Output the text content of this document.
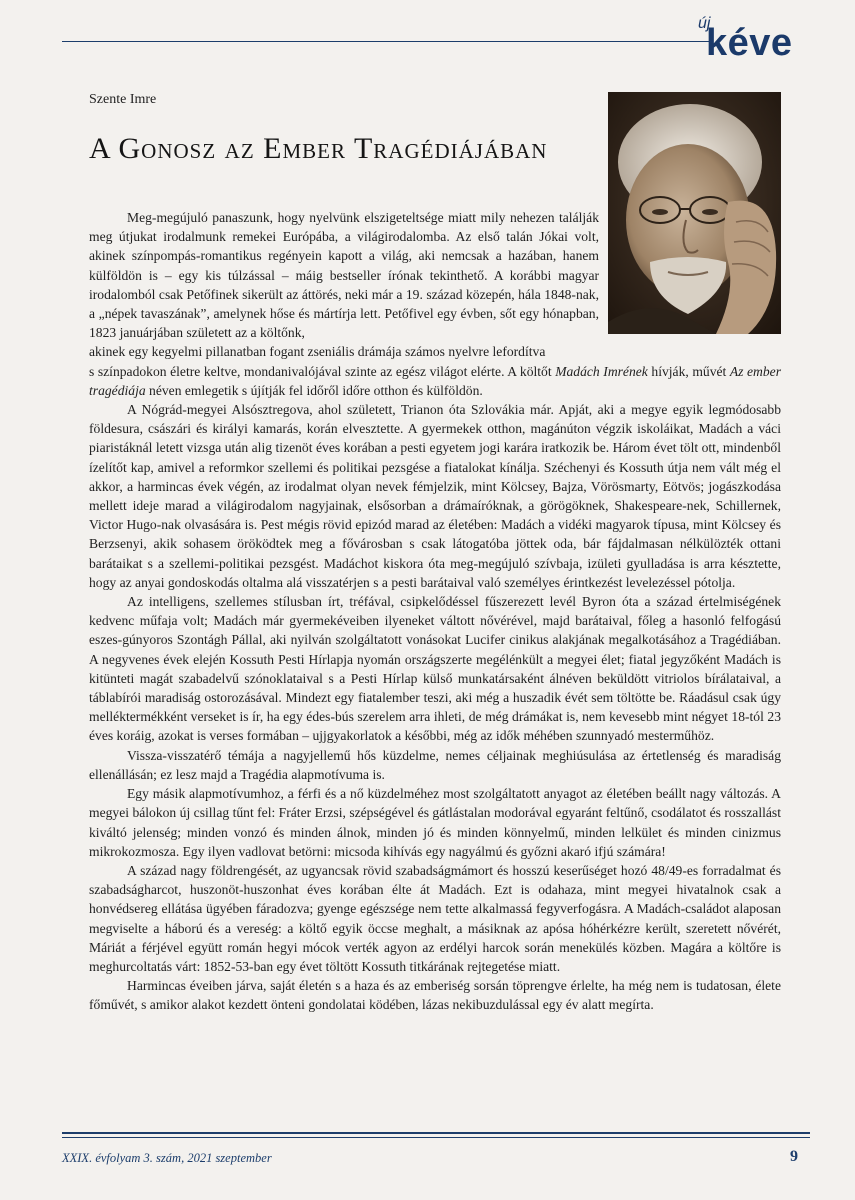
új
kéve
Szente Imre
A Gonosz az Ember Tragédiájában

Meg-megújuló panaszunk, hogy nyelvünk elszigeteltsége miatt mily nehezen találják meg útjukat irodalmunk remekei Európába, a világirodalomba. Az első talán Jókai volt, akinek színpompás-romantikus regényein kapott a világ, aki nemcsak a hazában, hanem külföldön is – egy kis túlzással – máig bestseller írónak tekinthető. A korábbi magyar irodalomból csak Petőfinek sikerült az áttörés, neki már a 19. század közepén, hála 1848-nak, a „népek tavaszának”, amelynek hőse és mártírja lett. Petőfivel egy évben, sőt egy hónapban, 1823 januárjában született az a költőnk,
akinek egy kegyelmi pillanatban fogant zseniális drámája számos nyelvre lefordítva
s színpadokon életre keltve, mondanivalójával szinte az egész világot elérte. A költőt Madách Imrének hívják, művét Az ember tragédiája néven emlegetik s újítják fel időről időre otthon és külföldön.

A Nógrád-megyei Alsósztregova, ahol született, Trianon óta Szlovákia már. Apját, aki a megye egyik legmódosabb földesura, császári és királyi kamarás, korán elvesztette. A gyermekek otthon, magánúton végzik iskoláikat, Madách a váci piaristáknál letett vizsga után alig tizenöt éves korában a pesti egyetem jogi karára iratkozik be. Három évet tölt ott, mindenből ízelítőt kap, amivel a reformkor szellemi és politikai pezsgése a fiatalokat kínálja. Széchenyi és Kossuth útja nem vált még el akkor, a harmincas évek végén, az irodalmat olyan nevek fémjelzik, mint Kölcsey, Bajza, Vörösmarty, Eötvös; jogászkodása mellett ideje marad a világirodalom nagyjainak, elsősorban a drámaíróknak, a görögöknek, Shakespeare-nek, Schillernek, Victor Hugo-nak olvasására is. Pest mégis rövid epizód marad az életében: Madách a vidéki magyarok típusa, mint Kölcsey és Berzsenyi, akik sohasem öröködtek meg a fővárosban s csak látogatóba jöttek oda, bár fájdalmasan nélkülözték ottani barátaikat s a szellemi-politikai pezsgést. Madáchot kiskora óta meg-megújuló szívbaja, izületi gyulladása is arra késztette, hogy az anyai gondoskodás oltalma alá visszatérjen s a pesti barátaival való személyes érintkezést levelezéssel pótolja.

Az intelligens, szellemes stílusban írt, tréfával, csipkelődéssel fűszerezett levél Byron óta a század értelmiségének kedvenc műfaja volt; Madách már gyermekéveiben ilyeneket váltott nővérével, majd barátaival, főleg a hasonló felfogású eszes-gúnyoros Szontágh Pállal, aki nyilván szolgáltatott vonásokat Lucifer cinikus alakjának megalkotásához a Tragédiában. A negyvenes évek elején Kossuth Pesti Hírlapja nyomán országszerte megélénkült a megyei élet; fiatal jegyzőként Madách is kitünteti magát szabadelvű szónoklataival s a Pesti Hírlap külső munkatársaként álnéven beküldött vitriolos bírálataival, a táblabírói maradiság ostorozásával. Mindezt egy fiatalember teszi, aki még a huszadik évét sem töltötte be. Ráadásul csak úgy melléktermékként verseket is ír, ha egy édes-bús szerelem arra ihleti, de még drámákat is, nem kevesebb mint négyet 18-tól 23 éves koráig, azokat is verses formában – ujjgyakorlatok a későbbi, még az idők méhében szunnyadó mesterműhöz.

Vissza-visszatérő témája a nagyjellemű hős küzdelme, nemes céljainak meghiúsulása az értetlenség és maradiság ellenállásán; ez lesz majd a Tragédia alapmotívuma is.

Egy másik alapmotívumhoz, a férfi és a nő küzdelméhez most szolgáltatott anyagot az életében beállt nagy változás. A megyei bálokon új csillag tűnt fel: Fráter Erzsi, szépségével és gátlástalan modorával egyaránt feltűnő, csodálatot és rosszallást kiváltó jelenség; minden vonzó és minden álnok, minden jó és minden könnyelmű, minden lelkület és minden cinizmus mikrokozmosza. Egy ilyen vadlovat betörni: micsoda kihívás egy nagyálmú és győzni akaró ifjú számára!

A század nagy földrengését, az ugyancsak rövid szabadságmámort és hosszú keserűséget hozó 48/49-es forradalmat és szabadságharcot, huszonöt-huszonhat éves korában élte át Madách. Ezt is odahaza, mint megyei hivatalnok csak a honvédsereg ellátása ügyében fáradozva; gyenge egészsége nem tette alkalmassá fegyverfogásra. A Madách-családot alaposan megviselte a háború és a vereség: a költő egyik öccse meghalt, a másiknak az apósa hóhérkézre került, szeretett nővérét, Máriát a férjével együtt román hegyi mócok verték agyon az erdélyi harcok során menekülés közben. Magára a költőre is meghurcoltatás várt: 1852-53-ban egy évet töltött Kossuth titkárának rejtegetése miatt.

Harmincas éveiben járva, saját életén s a haza és az emberiség sorsán töprengve érlelte, ha még nem is tudatosan, élete főművét, s amikor alakot kezdett önteni gondolatai ködében, lázas nekibuzdulással egy év alatt megírta.

XXIX. évfolyam 3. szám, 2021 szeptember	9
